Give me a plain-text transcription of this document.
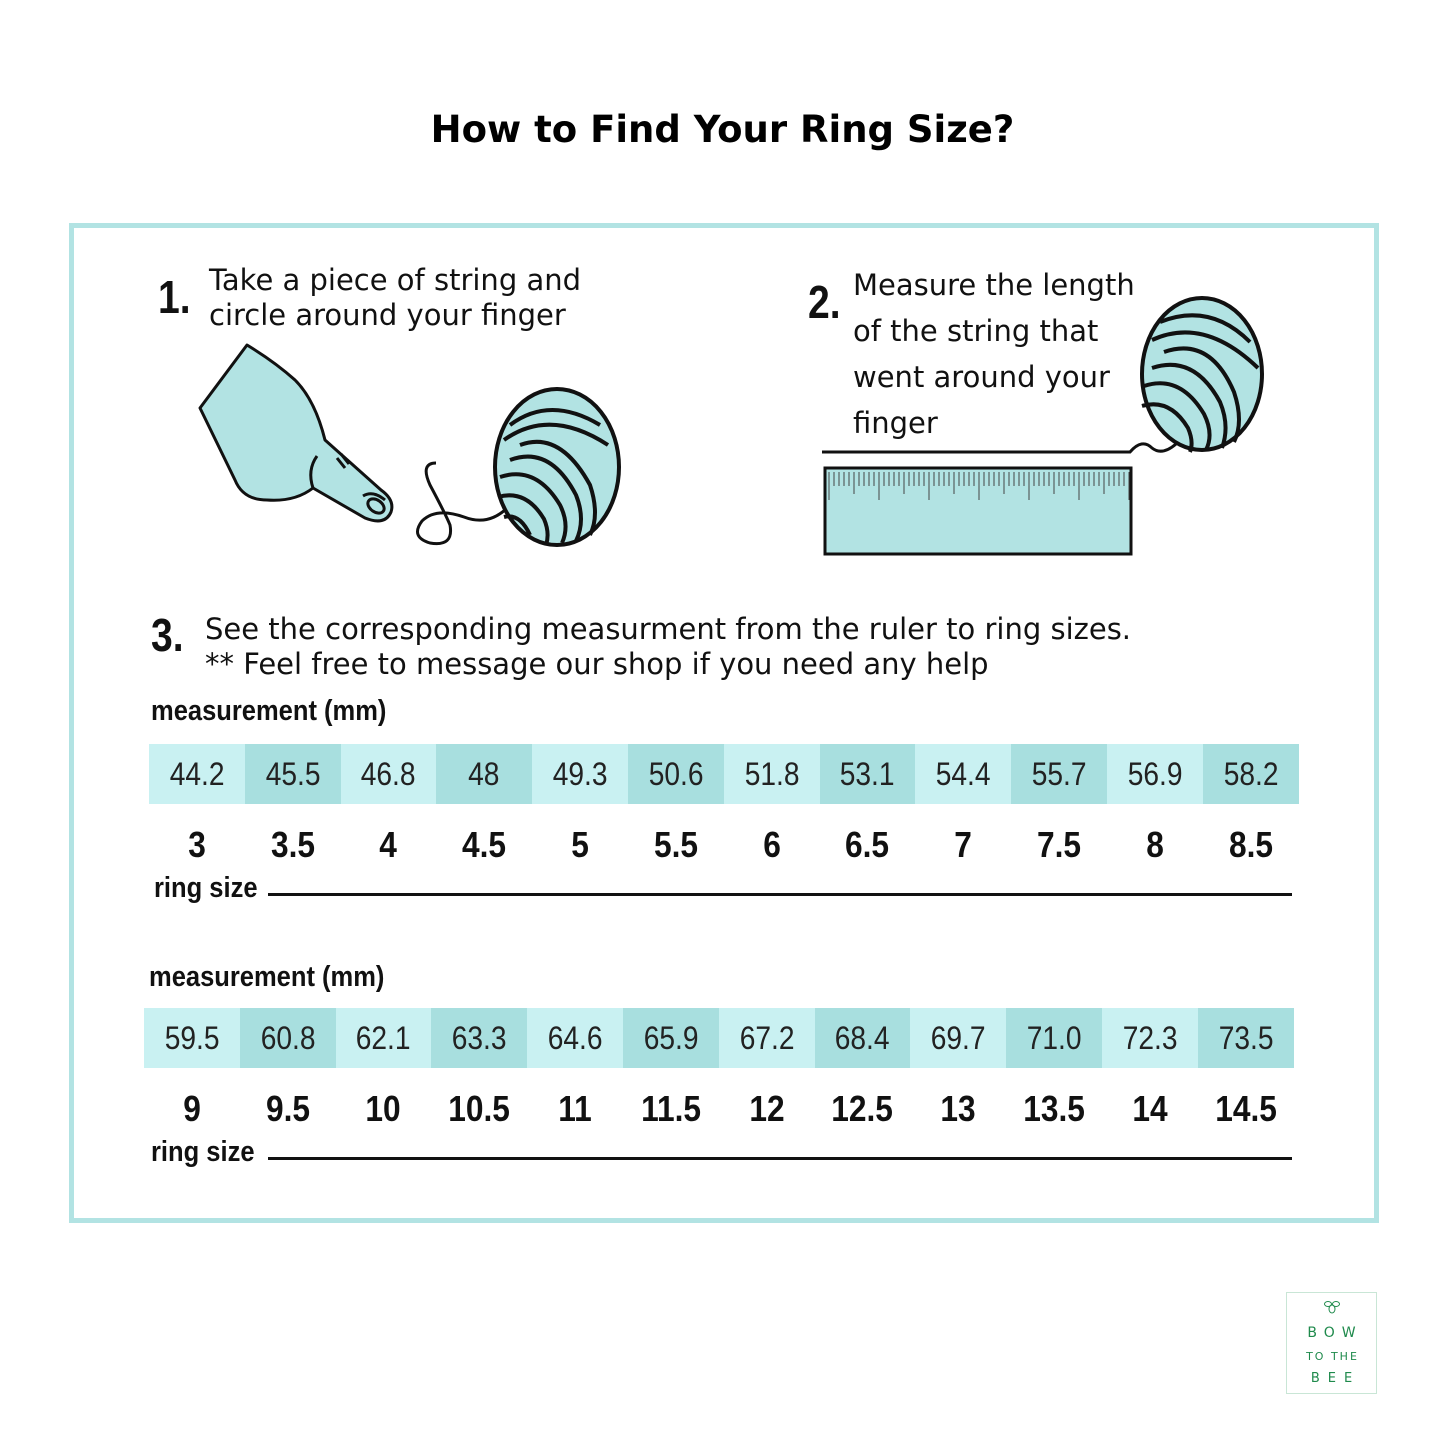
How to Find Your Ring Size?
1. Take a piece of string and
circle around your finger	2. Measure the length
of the string that
went around your
finger
3. See the corresponding measurment from the ruler to ring sizes.
** Feel free to message our shop if you need any help
measurement (mm)
44.2 45.5 46.8 48 49.3 50.6 51.8 53.1 54.4 55.7 56.9 58.2
3	3.5	4	4.5	5	5.5	6	6.5	7	7.5	8	8.5
ring size
measurement (mm)
59.5 60.8 62.1 63.3 64.6 65.9 67.2 68.4 69.7 71.0 72.3 73.5
9	9.5	10	10.5	11	11.5	12	12.5	13	13.5	14	14.5
ring size
BOW
TO THE
BEE
